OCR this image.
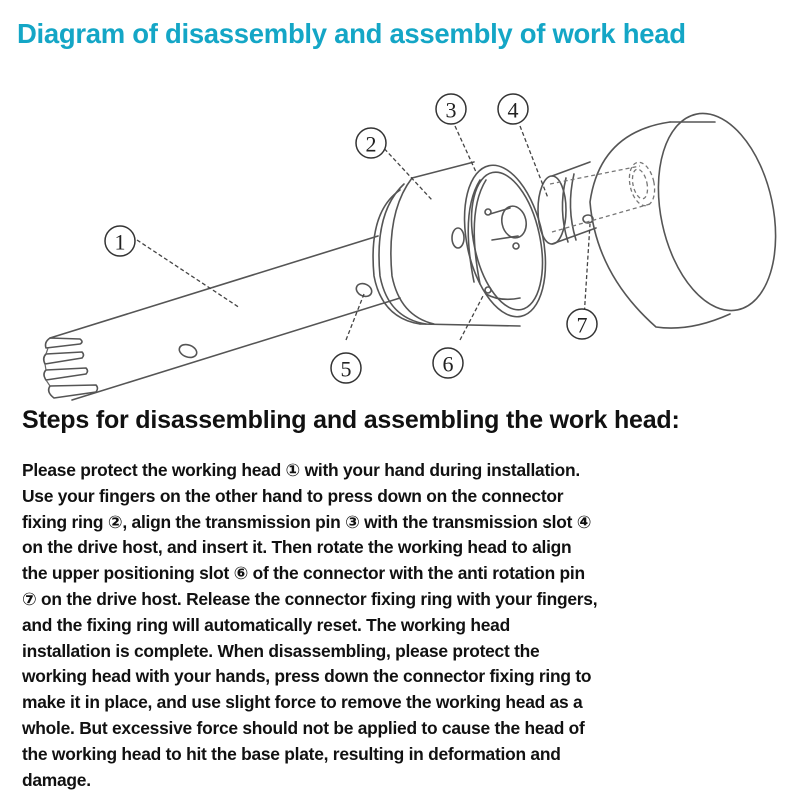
Diagram of disassembly and assembly of work head
1
2
3 4
5	6
7
Steps for disassembling and assembling the work head:

Please protect the working head ① with your hand during installation.
Use your fingers on the other hand to press down on the connector
fixing ring ②, align the transmission pin ③ with the transmission slot ④
on the drive host, and insert it. Then rotate the working head to align
the upper positioning slot ⑥ of the connector with the anti rotation pin
⑦ on the drive host. Release the connector fixing ring with your fingers,
and the fixing ring will automatically reset. The working head
installation is complete. When disassembling, please protect the
working head with your hands, press down the connector fixing ring to
make it in place, and use slight force to remove the working head as a
whole. But excessive force should not be applied to cause the head of
the working head to hit the base plate, resulting in deformation and
damage.
